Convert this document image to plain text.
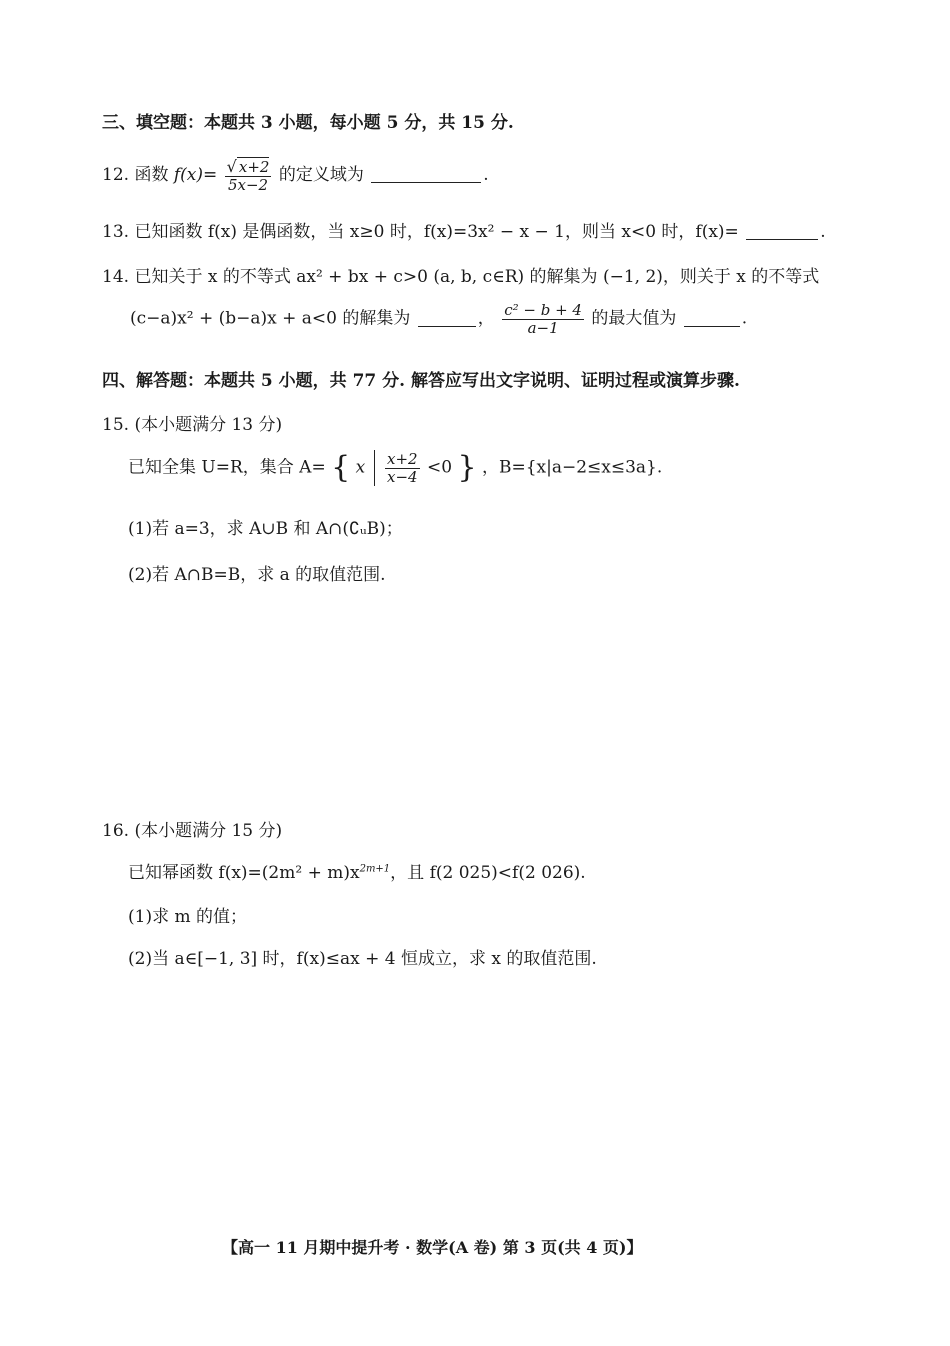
三、填空题：本题共 3 小题，每小题 5 分，共 15 分.
12. 函数 $f(x)= \frac{√ x+2}{5x-2}$ 的定义域为	.
13. 已知函数 f(x) 是偶函数，当 x≥0 时，f(x)=3x² − x − 1，则当 x<0 时，f(x)=	.
14. 已知关于 x 的不等式 ax² + bx + c>0 (a, b, c∈R) 的解集为 (−1, 2)，则关于 x 的不等式
(c−a)x² + (b−a)x + a<0 的解集为	， $\frac{\text{c² − b + 4}}{a-1}$ 的最大值为	.
四、解答题：本题共 5 小题，共 77 分. 解答应写出文字说明、证明过程或演算步骤.
15. (本小题满分 13 分)
已知全集 U=R，集合 A= { x $\frac{x+2}{x-4} <0$ } ，B={x|a−2≤x≤3a}.
(1)若 a=3，求 A∪B 和 A∩(∁ᵤB)；
(2)若 A∩B=B，求 a 的取值范围.
16. (本小题满分 15 分)
已知幂函数 $f(x)=(2m^2 + m)x^{2m+1}$，且 f(2 025)<f(2 026).
(1)求 m 的值；
(2)当 a∈[−1, 3] 时，f(x)≤ax + 4 恒成立，求 x 的取值范围.
【高一 11 月期中提升考 · 数学(A 卷) 第 3 页(共 4 页)】
